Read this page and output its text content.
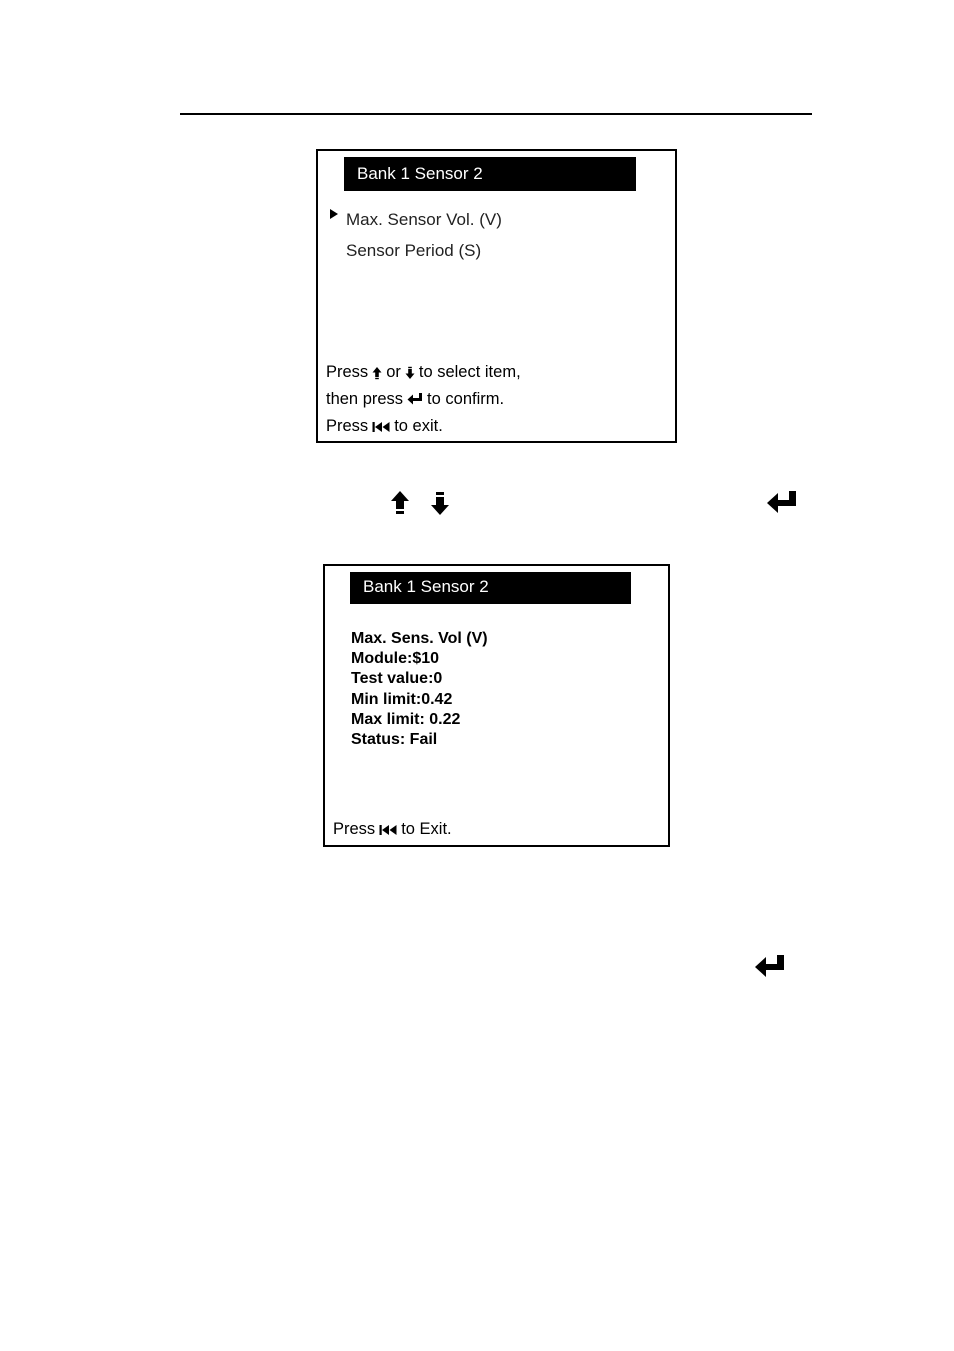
Bank 1 Sensor 2
Max. Sensor Vol. (V)
Sensor Period (S)
Press or to select item,
then press to confirm.
Press to exit.
Bank 1 Sensor 2
Max. Sens. Vol (V)
Module:$10
Test value:0
Min limit:0.42
Max limit: 0.22
Status: Fail
Press to Exit.
